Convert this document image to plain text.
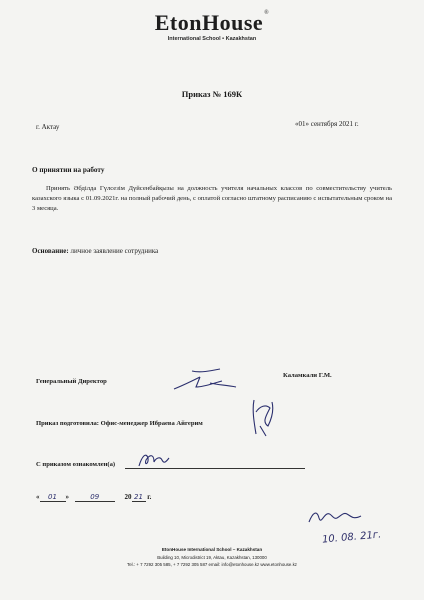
EtonHouse®
International School • Kazakhstan
Приказ № 169К
г. Актау	«01» сентября 2021 г.
О принятии на работу
Принять Әбділда Гүлсезім Дүйсенбайқызы на должность учителя начальных классов по совместительству учитель казахского языка с 01.09.2021г. на полный рабочий день, с оплатой согласно штатному расписанию с испытательным сроком на 3 месяца.
Основание: личное заявление сотрудника
Генеральный Директор
Каламкали Г.М.
Приказ подготовила: Офис-менеджер Ибраева Айгерим
С приказом ознакомлен(а)
« 01 »	09	20 21 г.
10. 08. 21г.
EtonHouse International School – Kazakhstan
Building 10, Microdistrict 19, Aktau, Kazakhstan, 130000
Tel.: + 7 7292 305 585, + 7 7292 305 587 email: info@etonhouse.kz www.etonhouse.kz
